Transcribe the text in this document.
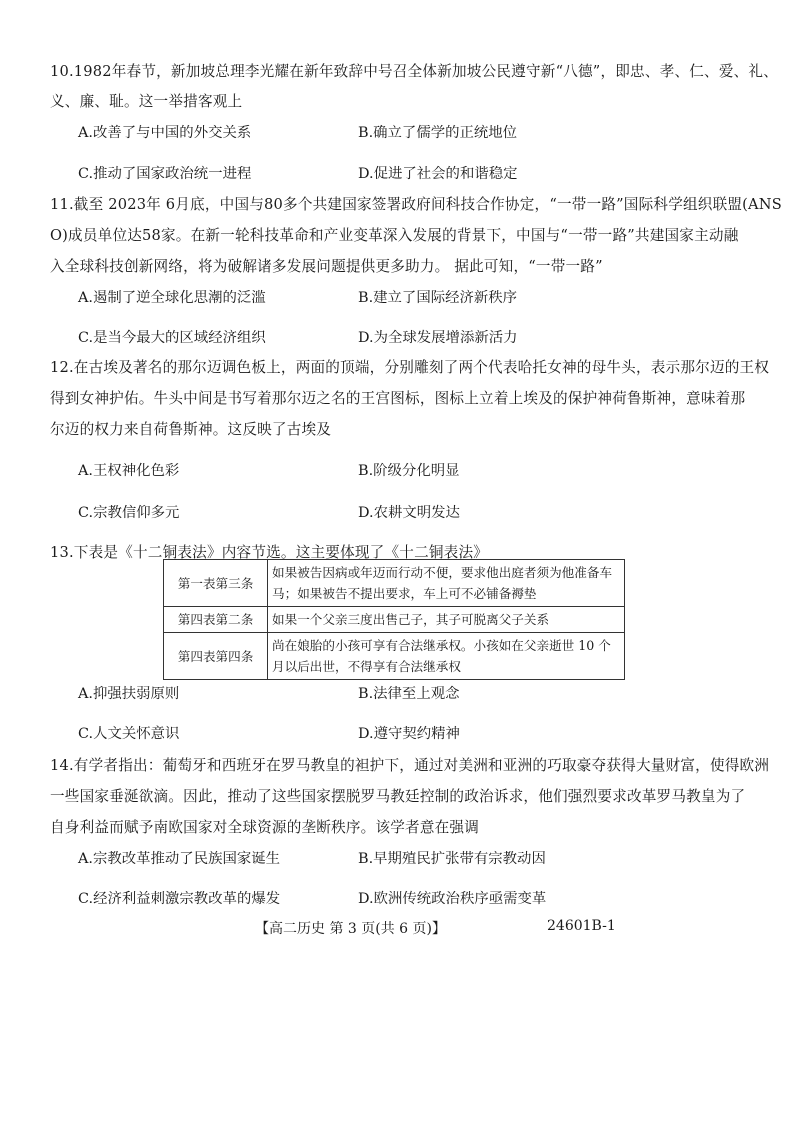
10.1982年春节，新加坡总理李光耀在新年致辞中号召全体新加坡公民遵守新“八德”，即忠、孝、仁、爱、礼、
义、廉、耻。这一举措客观上
A.改善了与中国的外交关系	B.确立了儒学的正统地位
C.推动了国家政治统一进程	D.促进了社会的和谐稳定
11.截至 2023年 6月底，中国与80多个共建国家签署政府间科技合作协定，“一带一路”国际科学组织联盟(ANS
O)成员单位达58家。在新一轮科技革命和产业变革深入发展的背景下，中国与“一带一路”共建国家主动融
入全球科技创新网络，将为破解诸多发展问题提供更多助力。 据此可知，“一带一路”
A.遏制了逆全球化思潮的泛滥	B.建立了国际经济新秩序
C.是当今最大的区域经济组织	D.为全球发展增添新活力
12.在古埃及著名的那尔迈调色板上，两面的顶端，分别雕刻了两个代表哈托女神的母牛头，表示那尔迈的王权
得到女神护佑。牛头中间是书写着那尔迈之名的王宫图标，图标上立着上埃及的保护神荷鲁斯神，意味着那
尔迈的权力来自荷鲁斯神。这反映了古埃及
A.王权神化色彩	B.阶级分化明显
C.宗教信仰多元	D.农耕文明发达
13.下表是《十二铜表法》内容节选。这主要体现了《十二铜表法》
第一表第三条	如果被告因病或年迈而行动不便，要求他出庭者须为他准备车马；如果被告不提出要求，车上可不必铺备褥垫
第四表第二条	如果一个父亲三度出售己子，其子可脱离父子关系
第四表第四条	尚在娘胎的小孩可享有合法继承权。小孩如在父亲逝世 10 个月以后出世，不得享有合法继承权
A.抑强扶弱原则	B.法律至上观念
C.人文关怀意识	D.遵守契约精神
14.有学者指出：葡萄牙和西班牙在罗马教皇的袒护下，通过对美洲和亚洲的巧取豪夺获得大量财富，使得欧洲
一些国家垂涎欲滴。因此，推动了这些国家摆脱罗马教廷控制的政治诉求，他们强烈要求改革罗马教皇为了
自身利益而赋予南欧国家对全球资源的垄断秩序。该学者意在强调
A.宗教改革推动了民族国家诞生	B.早期殖民扩张带有宗教动因
C.经济利益刺激宗教改革的爆发	D.欧洲传统政治秩序亟需变革
【高二历史 第 3 页(共 6 页)】	24601B-1
